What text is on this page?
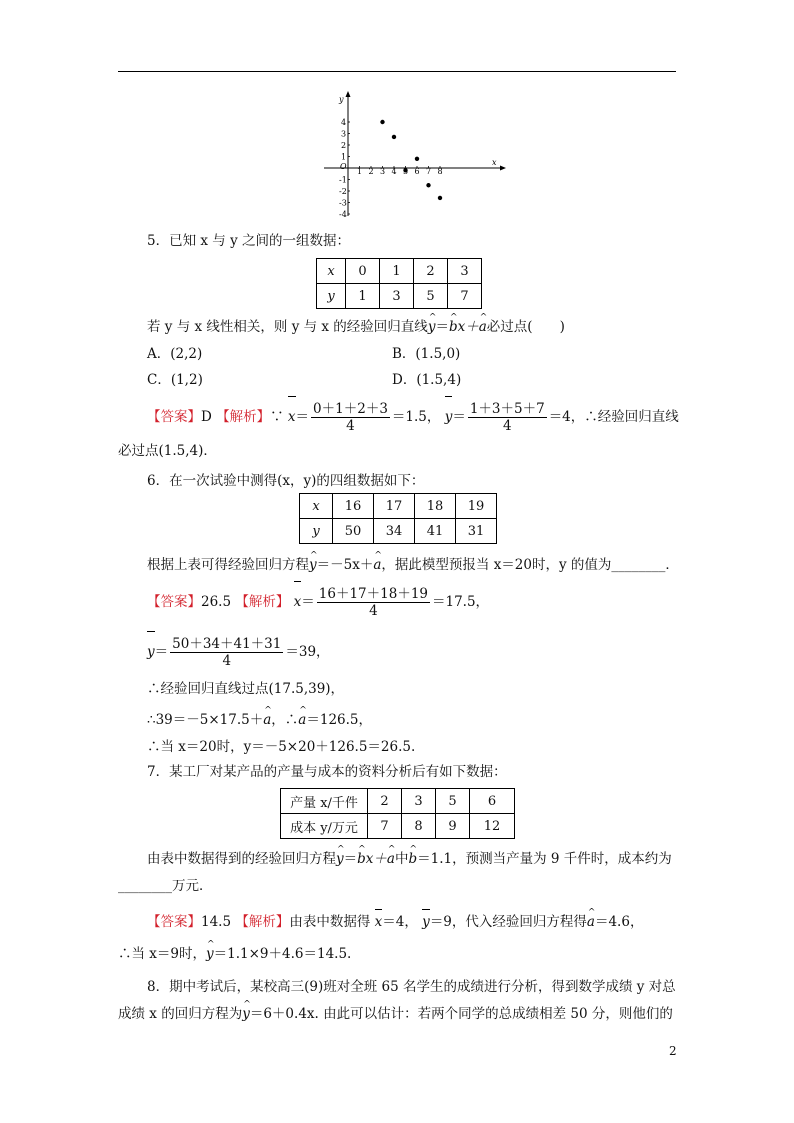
x
y
O
1 2 3 4 6 7 8
4
3
2
1
-1
-2
-3
-4
5．已知 x 与 y 之间的一组数据：
x	0	1	2	3
y	1	3	5	7
若 y 与 x 线性相关，则 y 与 x 的经验回归直线^ y＝^ bx＋^ a必过点(　　)
A．(2,2)	B．(1.5,0)
C．(1,2)	D．(1.5,4)
【答案】D 【解析】∵ $x= \frac{0+1+2+3}{4} =1.5$， $y= \frac{1+3+5+7}{4} =4$，∴经验回归直线
必过点(1.5,4)．
6．在一次试验中测得(x，y)的四组数据如下：
x	16	17	18	19
y	50	34	41	31
根据上表可得经验回归方程^ y＝－5x＋^ a，据此模型预报当 x＝20时，y 的值为________．
【答案】26.5 【解析】 $x= \frac{16+17+18+19}{4} =17.5$，
$y= \frac{50+34+41+31}{4} =39$，
∴经验回归直线过点(17.5,39)，
∴39＝－5×17.5＋^ a，∴^ a＝126.5，
∴当 x＝20时，y＝－5×20＋126.5＝26.5.
7．某工厂对某产品的产量与成本的资料分析后有如下数据：
产量 x/千件	2	3	5	6
成本 y/万元	7	8	9	12
由表中数据得到的经验回归方程^ y＝^ bx＋^ a中^ b＝1.1，预测当产量为 9 千件时，成本约为
________万元．
【答案】14.5 【解析】由表中数据得 x＝4， y＝9，代入经验回归方程得^ a＝4.6，
∴当 x＝9时，^ y＝1.1×9＋4.6＝14.5.
8．期中考试后，某校高三(9)班对全班 65 名学生的成绩进行分析，得到数学成绩 y 对总
成绩 x 的回归方程为^ y＝6＋0.4x. 由此可以估计：若两个同学的总成绩相差 50 分，则他们的
2
